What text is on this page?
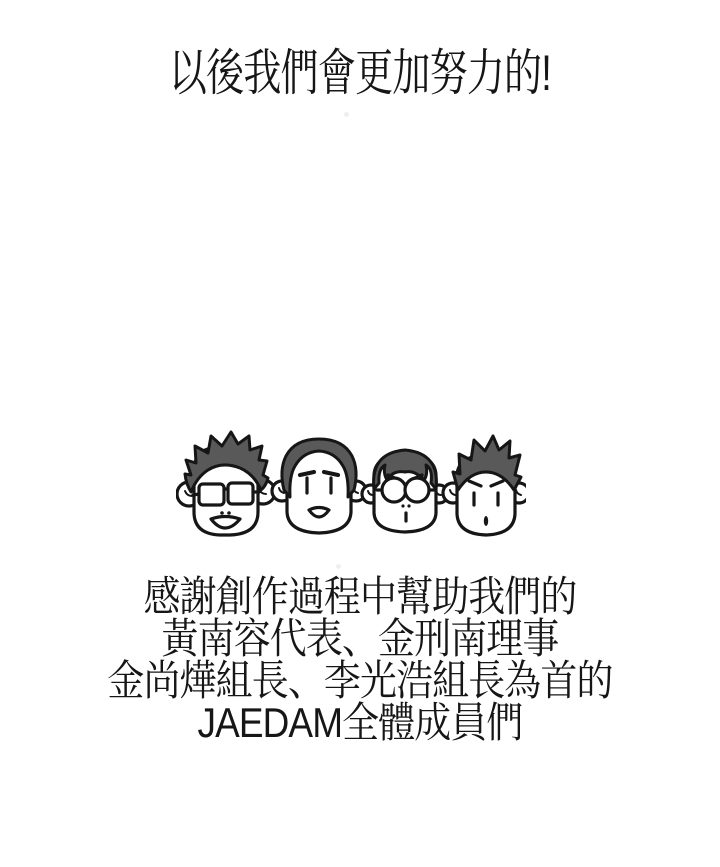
以後我們會更加努力的!
感謝創作過程中幫助我們的
黃南容代表、金刑南理事
金尚燁組長、李光浩組長為首的
JAEDAM全體成員們
